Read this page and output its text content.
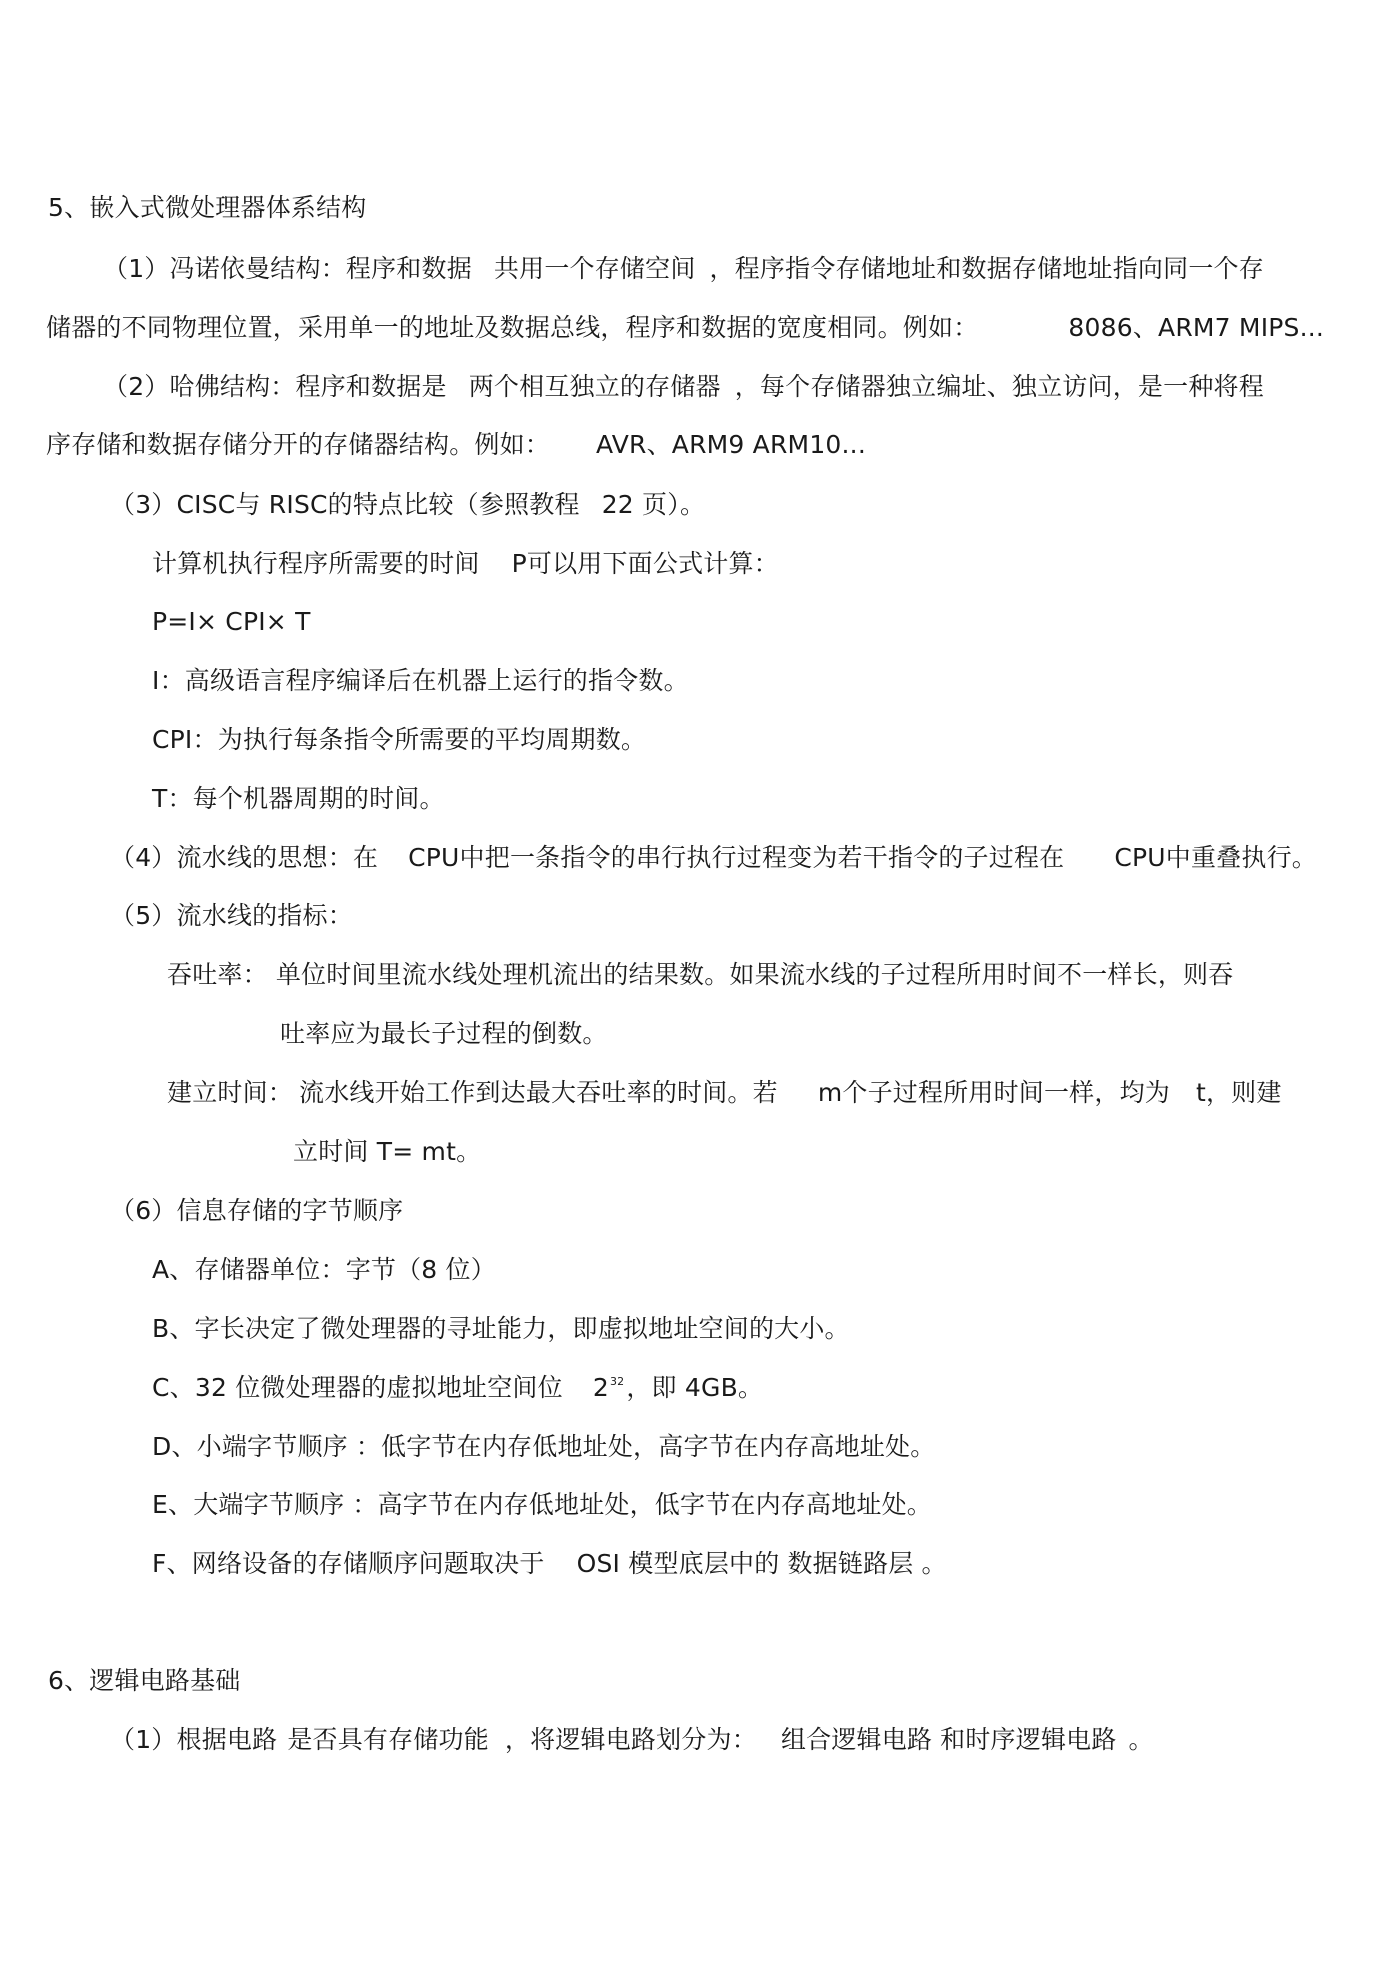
5、嵌入式微处理器体系结构
（1）冯诺依曼结构：程序和数据 共用一个存储空间 ，程序指令存储地址和数据存储地址指向同一个存
储器的不同物理位置，采用单一的地址及数据总线，程序和数据的宽度相同。例如：	8086、ARM7 MIPS...
（2）哈佛结构：程序和数据是 两个相互独立的存储器 ，每个存储器独立编址、独立访问，是一种将程
序存储和数据存储分开的存储器结构。例如： AVR、ARM9 ARM10...
（3）CISC与 RISC的特点比较（参照教程 22 页）。
计算机执行程序所需要的时间 P可以用下面公式计算：
P=I× CPI× T
I：高级语言程序编译后在机器上运行的指令数。
CPI：为执行每条指令所需要的平均周期数。
T：每个机器周期的时间。
（4）流水线的思想：在 CPU中把一条指令的串行执行过程变为若干指令的子过程在 CPU中重叠执行。
（5）流水线的指标：
吞吐率： 单位时间里流水线处理机流出的结果数。如果流水线的子过程所用时间不一样长，则吞
吐率应为最长子过程的倒数。
建立时间： 流水线开始工作到达最大吞吐率的时间。若 m个子过程所用时间一样，均为 t，则建
立时间 T= mt。
（6）信息存储的字节顺序
A、存储器单位：字节（8 位）
B、字长决定了微处理器的寻址能力，即虚拟地址空间的大小。
C、32 位微处理器的虚拟地址空间位 $2^{32}$，即 4GB。
D、小端字节顺序 ：低字节在内存低地址处，高字节在内存高地址处。
E、大端字节顺序 ：高字节在内存低地址处，低字节在内存高地址处。
F、网络设备的存储顺序问题取决于 OSI 模型底层中的 数据链路层 。
6、逻辑电路基础
（1）根据电路 是否具有存储功能 ，将逻辑电路划分为： 组合逻辑电路 和时序逻辑电路 。
